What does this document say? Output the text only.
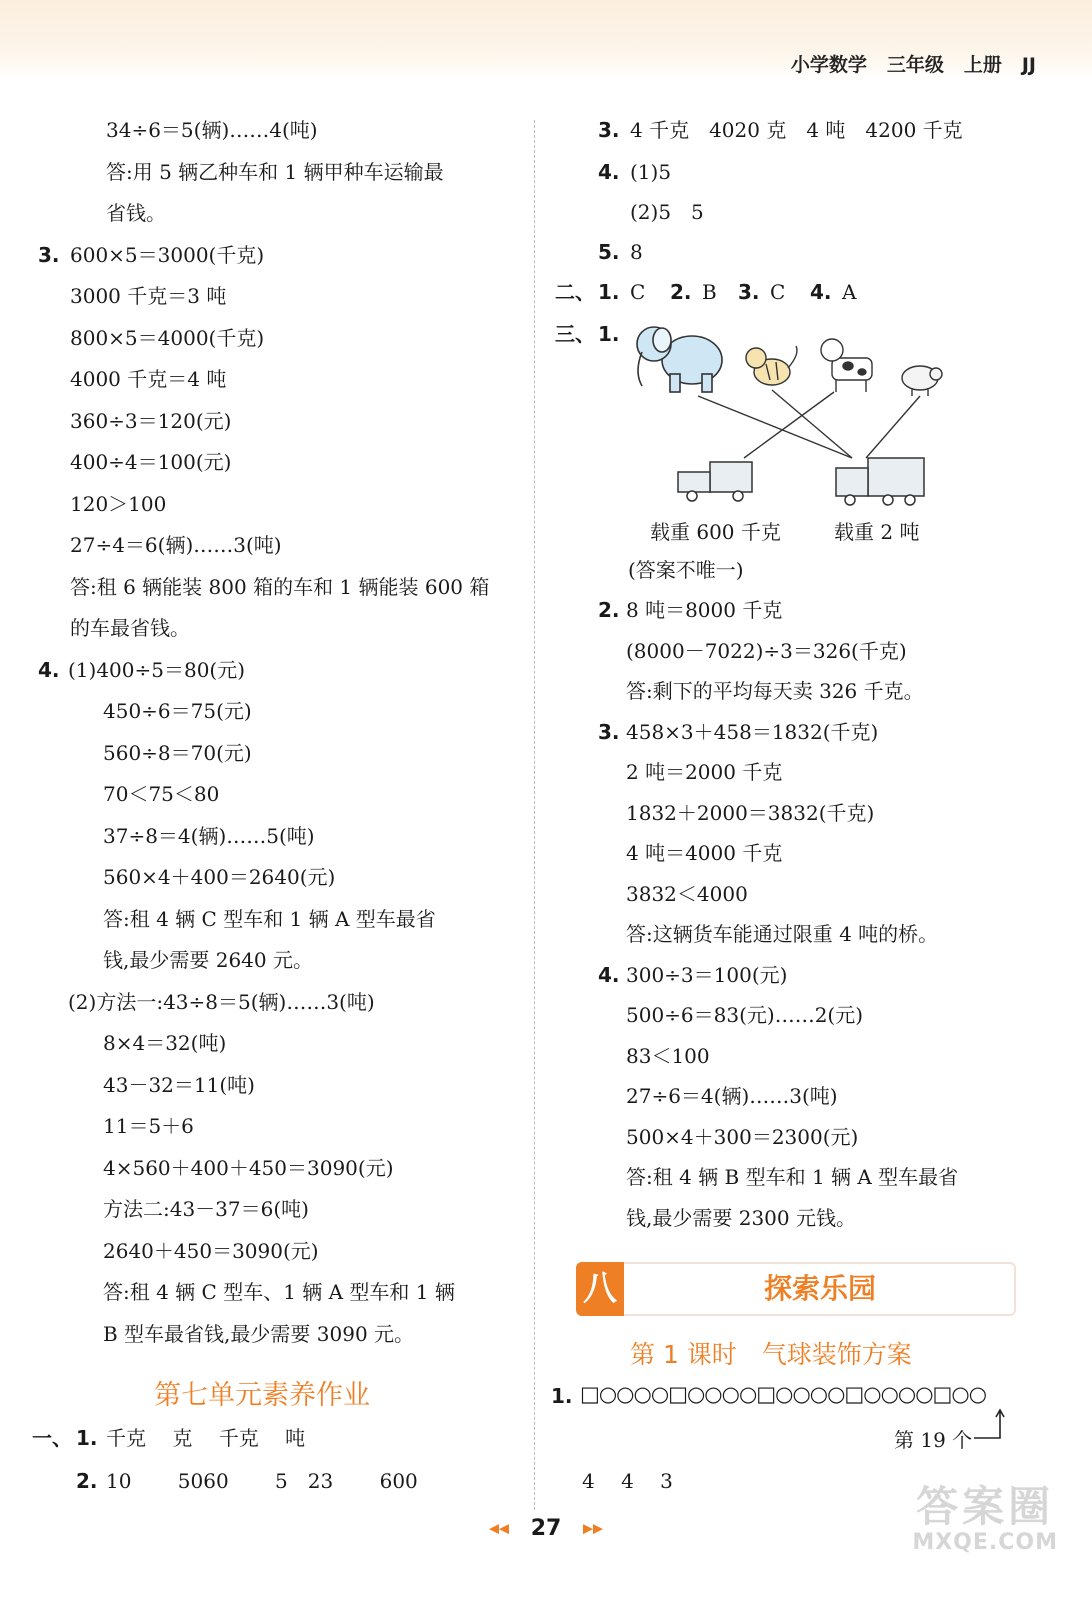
小学数学 三年级 上册 JJ
34÷6＝5(辆)……4(吨)
答:用 5 辆乙种车和 1 辆甲种车运输最
省钱。
3. 600×5＝3000(千克)
3000 千克＝3 吨
800×5＝4000(千克)
4000 千克＝4 吨
360÷3＝120(元)
400÷4＝100(元)
120＞100
27÷4＝6(辆)……3(吨)
答:租 6 辆能装 800 箱的车和 1 辆能装 600 箱
的车最省钱。
4. (1)400÷5＝80(元)
450÷6＝75(元)
560÷8＝70(元)
70＜75＜80
37÷8＝4(辆)……5(吨)
560×4＋400＝2640(元)
答:租 4 辆 C 型车和 1 辆 A 型车最省
钱,最少需要 2640 元。
(2)方法一:43÷8＝5(辆)……3(吨)
8×4＝32(吨)
43－32＝11(吨)
11＝5＋6
4×560＋400＋450＝3090(元)
方法二:43－37＝6(吨)
2640＋450＝3090(元)
答:租 4 辆 C 型车、1 辆 A 型车和 1 辆
B 型车最省钱,最少需要 3090 元。
第七单元素养作业
一、 1. 千克　 克　 千克　 吨
2. 10　　 5060　　 5　23　　 600
3. 4 千克　4020 克　4 吨　4200 千克
4. (1)5
(2)5　5
5. 8
二、 1. C 2. B 3. C 4. A
三、 1.
载重 600 千克	载重 2 吨
(答案不唯一)
2. 8 吨＝8000 千克
(8000－7022)÷3＝326(千克)
答:剩下的平均每天卖 326 千克。
3. 458×3＋458＝1832(千克)
2 吨＝2000 千克
1832＋2000＝3832(千克)
4 吨＝4000 千克
3832＜4000
答:这辆货车能通过限重 4 吨的桥。
4. 300÷3＝100(元)
500÷6＝83(元)……2(元)
83＜100
27÷6＝4(辆)……3(吨)
500×4＋300＝2300(元)
答:租 4 辆 B 型车和 1 辆 A 型车最省
钱,最少需要 2300 元钱。
八	探索乐园
第 1 课时　气球装饰方案
1. □○○○○□○○○○□○○○○□○○○○□○○
第 19 个
4　 4　 3
◀◀ 27 ▶▶	答案圈
MXQE.COM
